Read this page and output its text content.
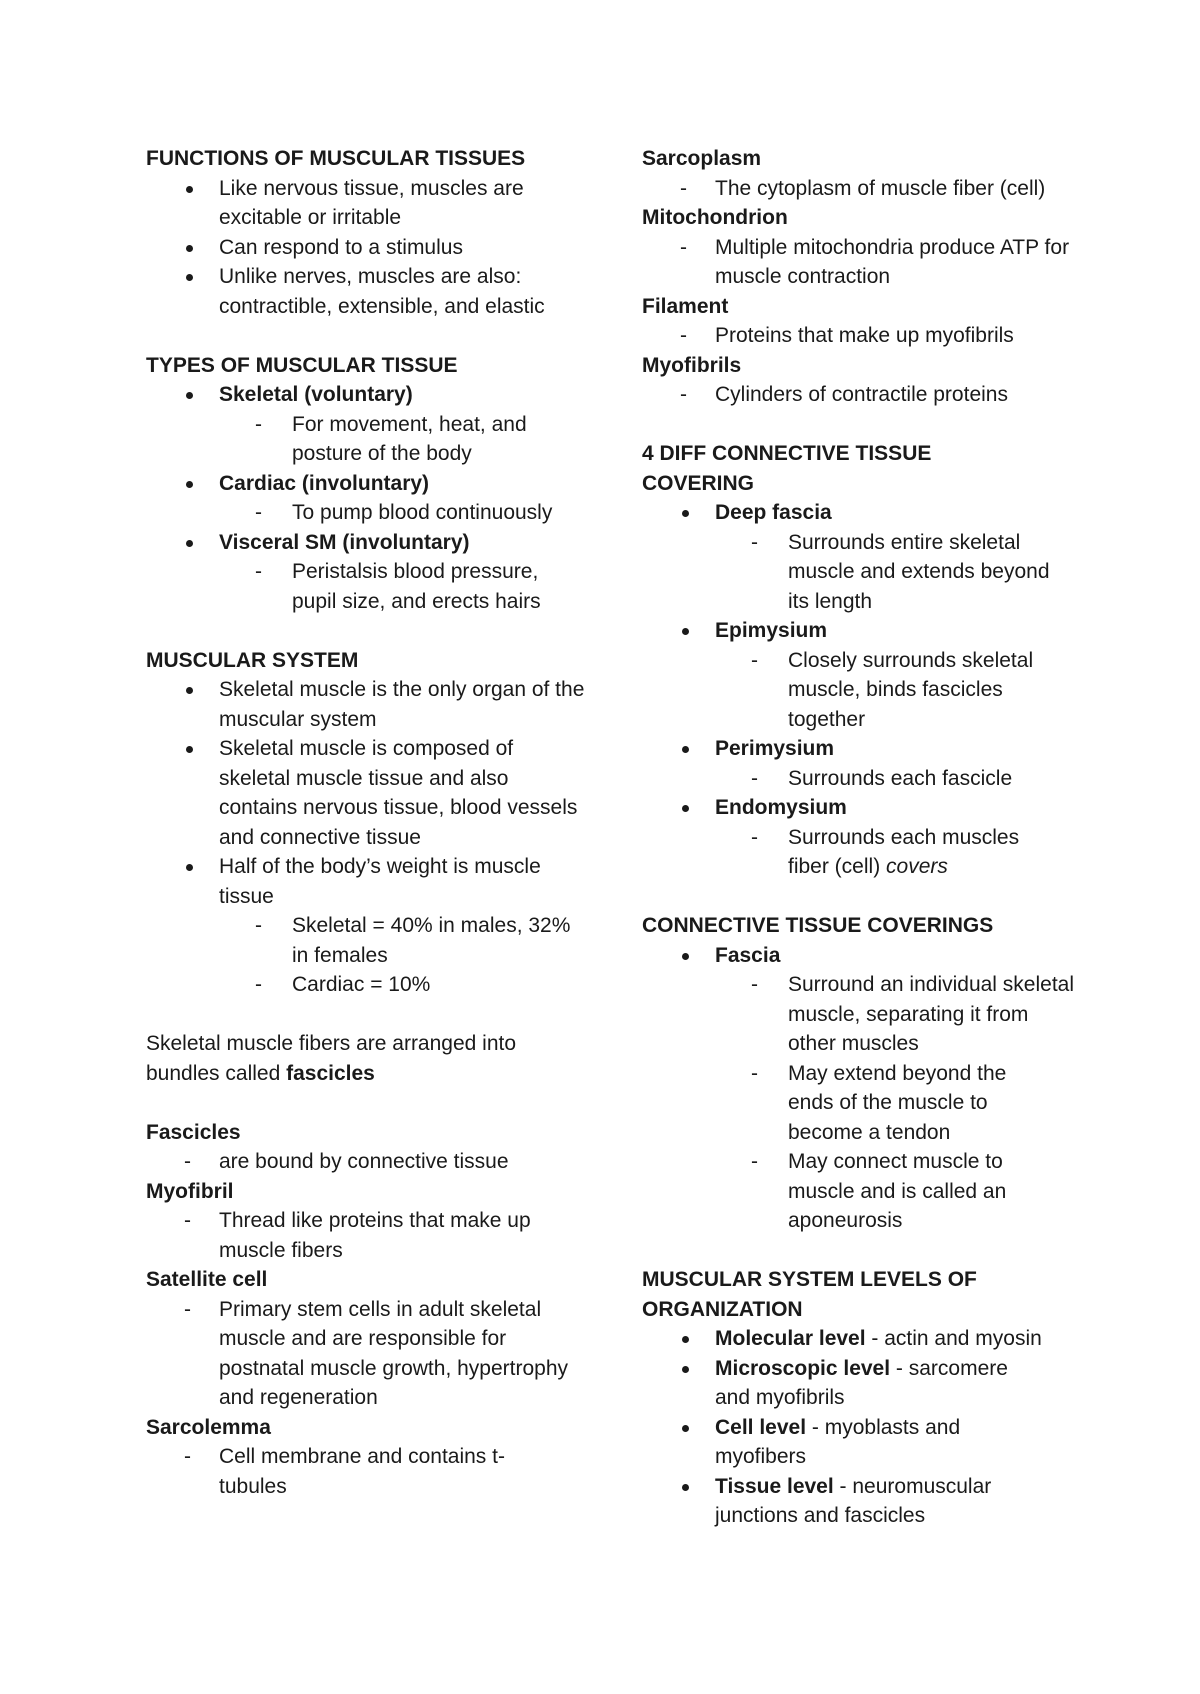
FUNCTIONS OF MUSCULAR TISSUES
Like nervous tissue, muscles are excitable or irritable
Can respond to a stimulus
Unlike nerves, muscles are also: contractible, extensible, and elastic
TYPES OF MUSCULAR TISSUE
Skeletal (voluntary)
- For movement, heat, and posture of the body
Cardiac (involuntary)
- To pump blood continuously
Visceral SM (involuntary)
- Peristalsis blood pressure, pupil size, and erects hairs
MUSCULAR SYSTEM
Skeletal muscle is the only organ of the muscular system
Skeletal muscle is composed of skeletal muscle tissue and also contains nervous tissue, blood vessels and connective tissue
Half of the body’s weight is muscle tissue
- Skeletal = 40% in males, 32% in females
- Cardiac = 10%
Skeletal muscle fibers are arranged into bundles called fascicles
Fascicles
- are bound by connective tissue
Myofibril
- Thread like proteins that make up muscle fibers
Satellite cell
- Primary stem cells in adult skeletal muscle and are responsible for postnatal muscle growth, hypertrophy and regeneration
Sarcolemma
- Cell membrane and contains t-tubules
Sarcoplasm
- The cytoplasm of muscle fiber (cell)
Mitochondrion
- Multiple mitochondria produce ATP for muscle contraction
Filament
- Proteins that make up myofibrils
Myofibrils
- Cylinders of contractile proteins
4 DIFF CONNECTIVE TISSUE COVERING
Deep fascia
- Surrounds entire skeletal muscle and extends beyond its length
Epimysium
- Closely surrounds skeletal muscle, binds fascicles together
Perimysium
- Surrounds each fascicle
Endomysium
- Surrounds each muscles fiber (cell) covers
CONNECTIVE TISSUE COVERINGS
Fascia
- Surround an individual skeletal muscle, separating it from other muscles
- May extend beyond the ends of the muscle to become a tendon
- May connect muscle to muscle and is called an aponeurosis
MUSCULAR SYSTEM LEVELS OF ORGANIZATION
Molecular level - actin and myosin
Microscopic level - sarcomere and myofibrils
Cell level - myoblasts and myofibers
Tissue level - neuromuscular junctions and fascicles
